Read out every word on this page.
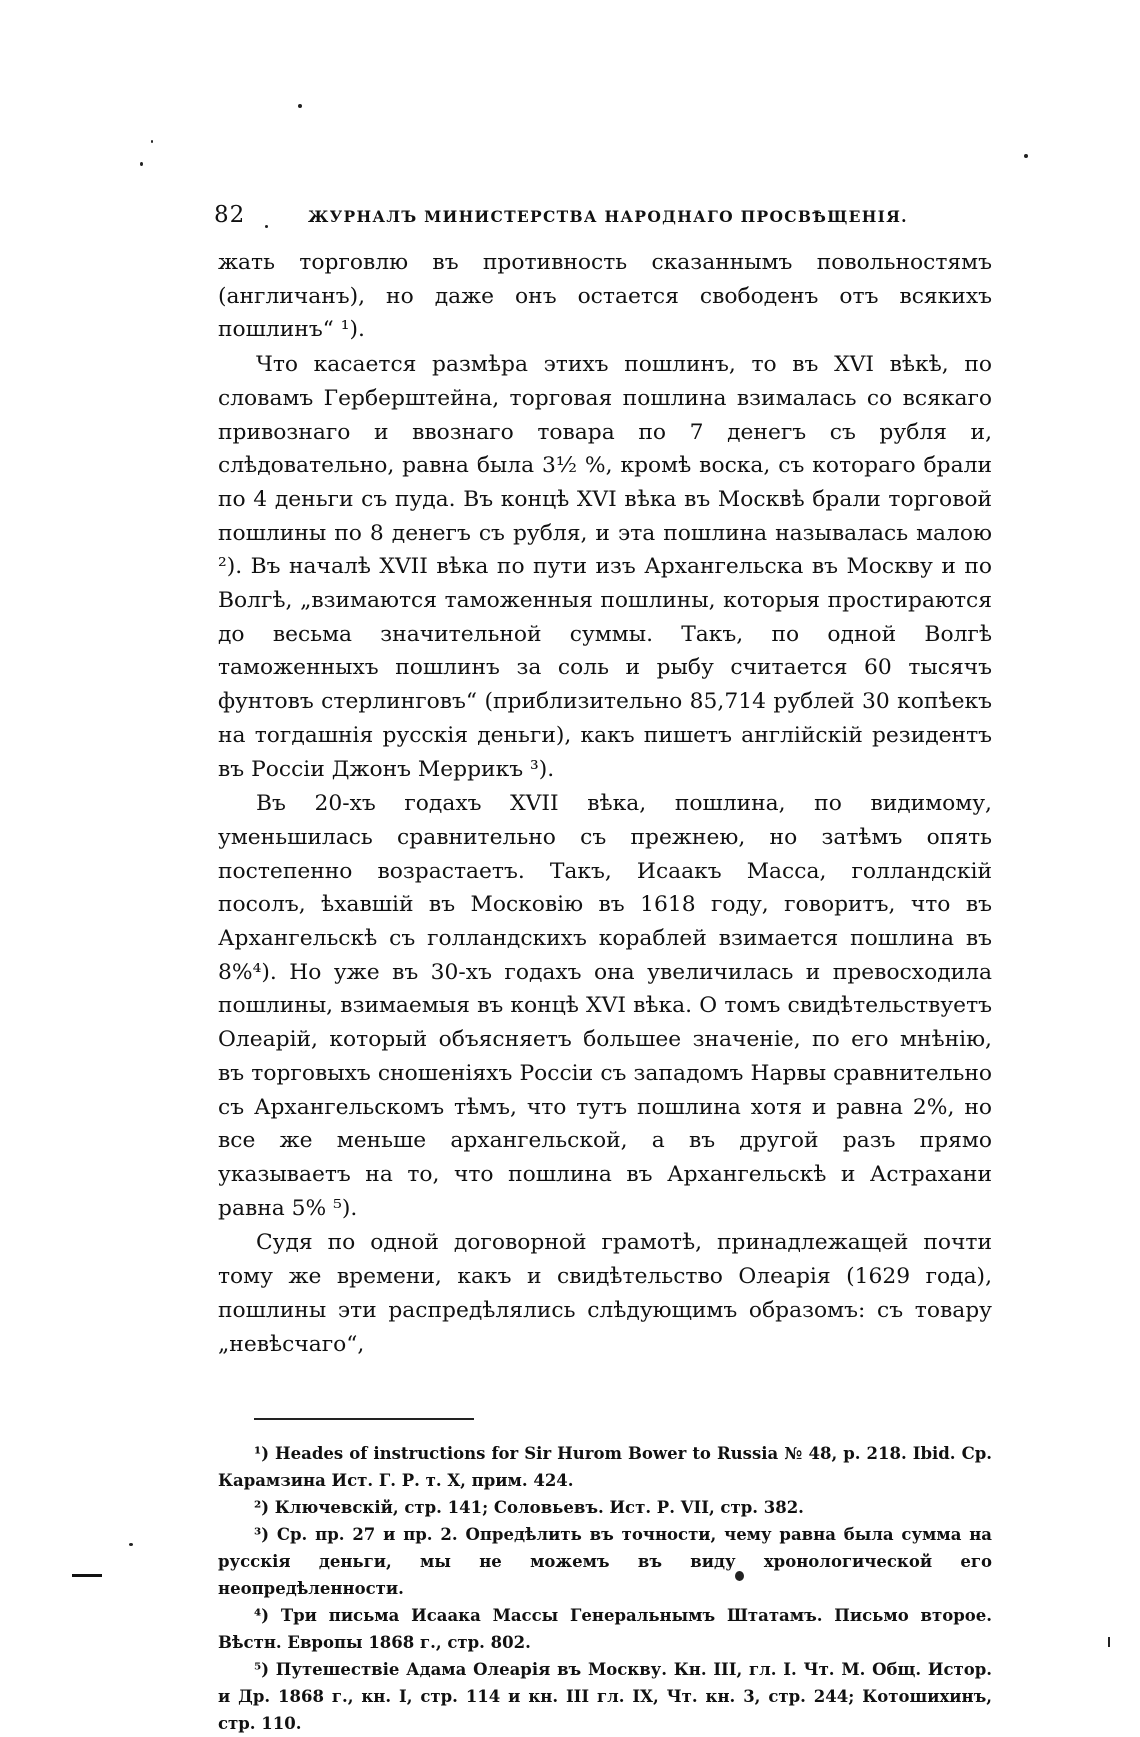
82	ЖУРНАЛЪ МИНИСТЕРСТВА НАРОДНАГО ПРОСВѢЩЕНІЯ.

жать торговлю въ противность сказаннымъ повольностямъ (англичанъ), но даже онъ остается свободенъ отъ всякихъ пошлинъ“ ¹).

Что касается размѣра этихъ пошлинъ, то въ XVI вѣкѣ, по словамъ Герберштейна, торговая пошлина взималась со всякаго привознаго и ввознаго товара по 7 денегъ съ рубля и, слѣдовательно, равна была 3½ %, кромѣ воска, съ котораго брали по 4 деньги съ пуда. Въ концѣ XVI вѣка въ Москвѣ брали торговой пошлины по 8 денегъ съ рубля, и эта пошлина называлась малою ²). Въ началѣ XVII вѣка по пути изъ Архангельска въ Москву и по Волгѣ, „взимаются таможенныя пошлины, которыя простираются до весьма значительной суммы. Такъ, по одной Волгѣ таможенныхъ пошлинъ за соль и рыбу считается 60 тысячъ фунтовъ стерлинговъ“ (приблизительно 85,714 рублей 30 копѣекъ на тогдашнія русскія деньги), какъ пишетъ англійскій резидентъ въ Россіи Джонъ Меррикъ ³).

Въ 20-хъ годахъ XVII вѣка, пошлина, по видимому, уменьшилась сравнительно съ прежнею, но затѣмъ опять постепенно возрастаетъ. Такъ, Исаакъ Масса, голландскій посолъ, ѣхавшій въ Московію въ 1618 году, говоритъ, что въ Архангельскѣ съ голландскихъ кораблей взимается пошлина въ 8%⁴). Но уже въ 30-хъ годахъ она увеличилась и превосходила пошлины, взимаемыя въ концѣ XVI вѣка. О томъ свидѣтельствуетъ Олеарій, который объясняетъ большее значеніе, по его мнѣнію, въ торговыхъ сношеніяхъ Россіи съ западомъ Нарвы сравнительно съ Архангельскомъ тѣмъ, что тутъ пошлина хотя и равна 2%, но все же меньше архангельской, а въ другой разъ прямо указываетъ на то, что пошлина въ Архангельскѣ и Астрахани равна 5% ⁵).

Судя по одной договорной грамотѣ, принадлежащей почти тому же времени, какъ и свидѣтельство Олеарія (1629 года), пошлины эти распредѣлялись слѣдующимъ образомъ: съ товару „невѣсчаго“,

¹) Heades of instructions for Sir Hurom Bower to Russia № 48, p. 218. Ibid. Ср. Карамзина Ист. Г. Р. т. X, прим. 424.

²) Ключевскій, стр. 141; Соловьевъ. Ист. Р. VII, стр. 382.

³) Ср. пр. 27 и пр. 2. Опредѣлить въ точности, чему равна была сумма на русскія деньги, мы не можемъ въ виду хронологической его неопредѣленности.

⁴) Три письма Исаака Массы Генеральнымъ Штатамъ. Письмо второе. Вѣстн. Европы 1868 г., стр. 802.

⁵) Путешествіе Адама Олеарія въ Москву. Кн. III, гл. I. Чт. М. Общ. Истор. и Др. 1868 г., кн. I, стр. 114 и кн. III гл. IX, Чт. кн. 3, стр. 244; Котошихинъ, стр. 110.
